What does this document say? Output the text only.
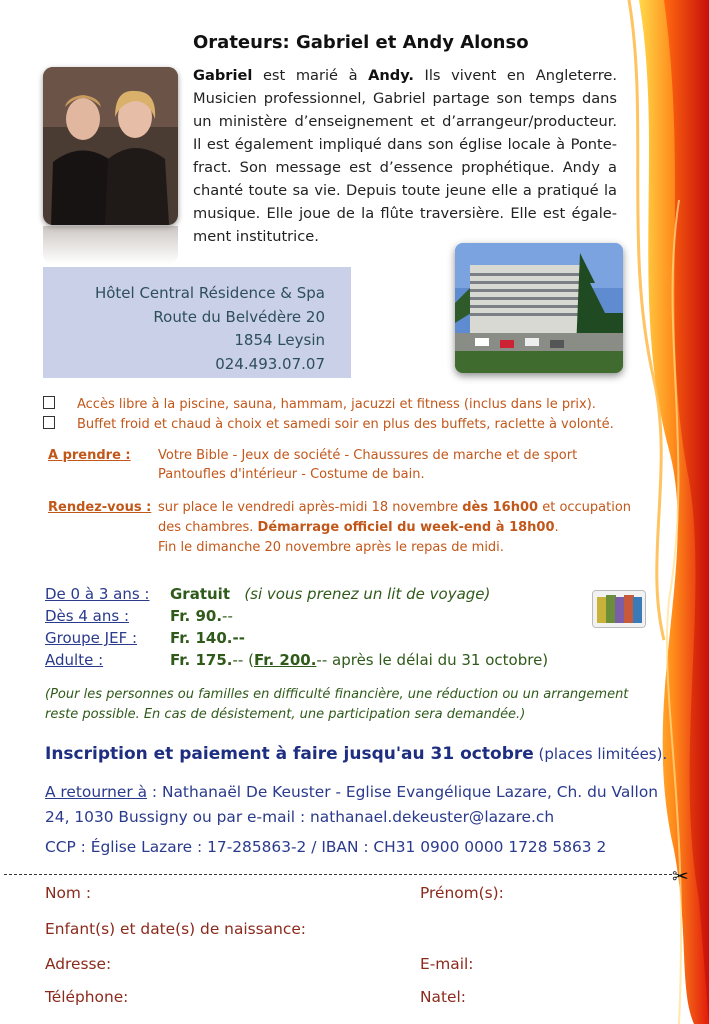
Orateurs: Gabriel et Andy Alonso
Gabriel est marié à Andy. Ils vivent en Angleterre. Musicien professionnel, Gabriel partage son temps dans un ministère d’enseignement et d’arrangeur/producteur. Il est également impliqué dans son église locale à Ponte-fract. Son message est d’essence prophétique. Andy a chanté toute sa vie. Depuis toute jeune elle a pratiqué la musique. Elle joue de la flûte traversière. Elle est égale-ment institutrice.
Hôtel Central Résidence & Spa
Route du Belvédère 20
1854 Leysin
024.493.07.07
Accès libre à la piscine, sauna, hammam, jacuzzi et fitness (inclus dans le prix).
Buffet froid et chaud à choix et samedi soir en plus des buffets, raclette à volonté.
A prendre : Votre Bible - Jeux de société - Chaussures de marche et de sport
Pantoufles d'intérieur - Costume de bain.
Rendez-vous : sur place le vendredi après-midi 18 novembre dès 16h00 et occupation
des chambres. Démarrage officiel du week-end à 18h00.
Fin le dimanche 20 novembre après le repas de midi.
De 0 à 3 ans : Gratuit (si vous prenez un lit de voyage)
Dès 4 ans :	Fr. 90.--
Groupe JEF : Fr. 140.--
Adulte :	Fr. 175.-- (Fr. 200.-- après le délai du 31 octobre)
(Pour les personnes ou familles en difficulté financière, une réduction ou un arrangement reste possible. En cas de désistement, une participation sera demandée.)
Inscription et paiement à faire jusqu'au 31 octobre (places limitées).
A retourner à : Nathanaël De Keuster - Eglise Evangélique Lazare, Ch. du Vallon 24, 1030 Bussigny ou par e-mail : nathanael.dekeuster@lazare.ch
CCP : Église Lazare : 17-285863-2 / IBAN : CH31 0900 0000 1728 5863 2
✂
Nom :	Prénom(s):
Enfant(s) et date(s) de naissance:
Adresse:	E-mail:
Téléphone:	Natel:
